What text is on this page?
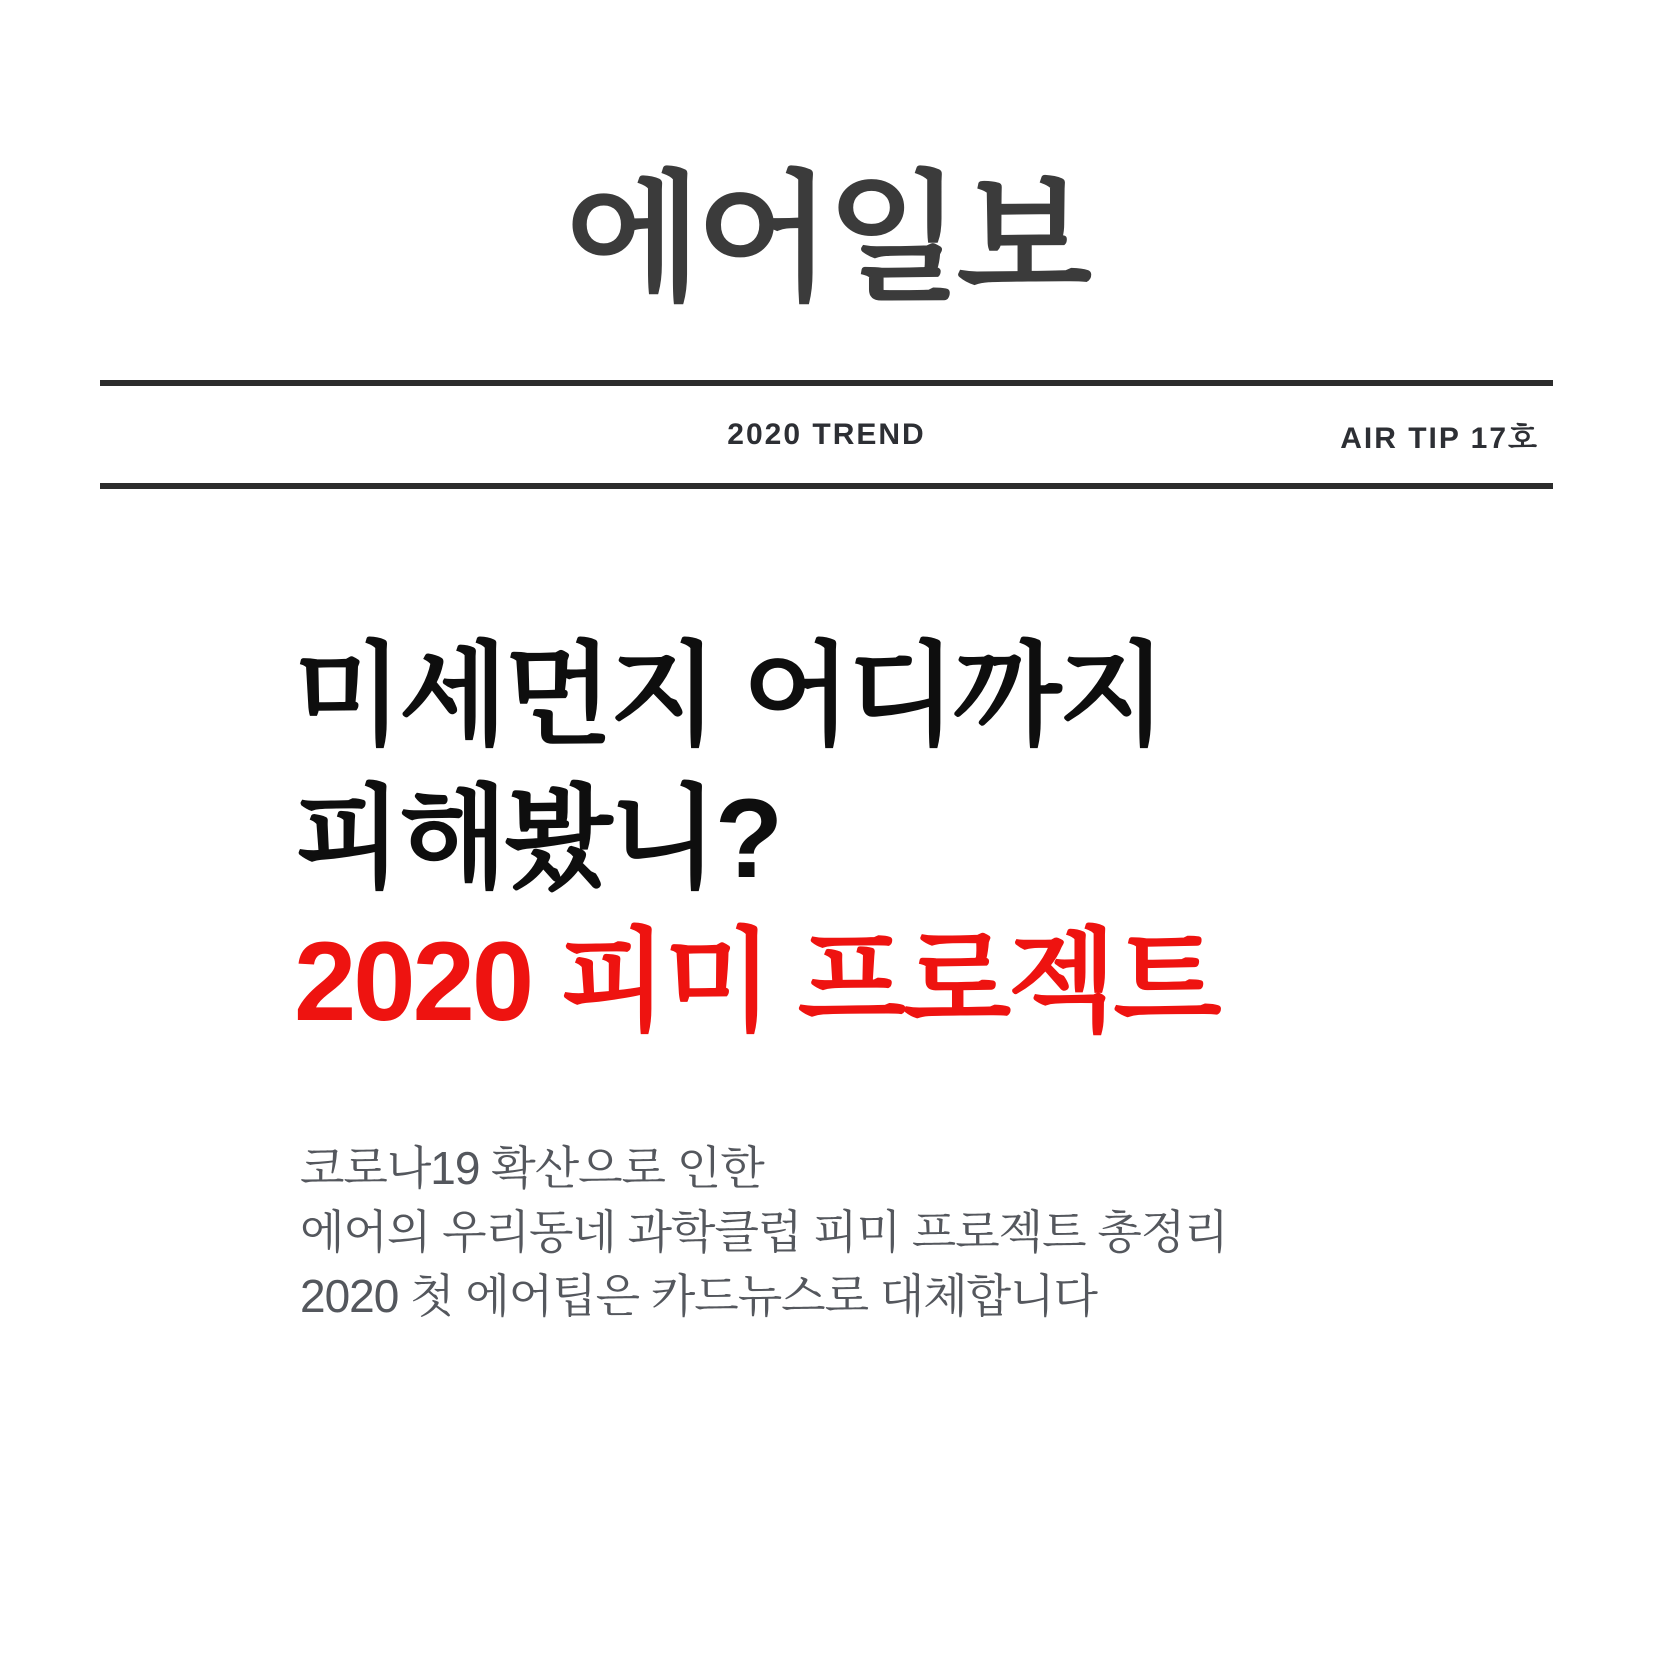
에어일보
2020 TREND	AIR TIP 17호
미세먼지 어디까지
피해봤니?
2020 피미 프로젝트

코로나19 확산으로 인한
에어의 우리동네 과학클럽 피미 프로젝트 총정리
2020 첫 에어팁은 카드뉴스로 대체합니다
